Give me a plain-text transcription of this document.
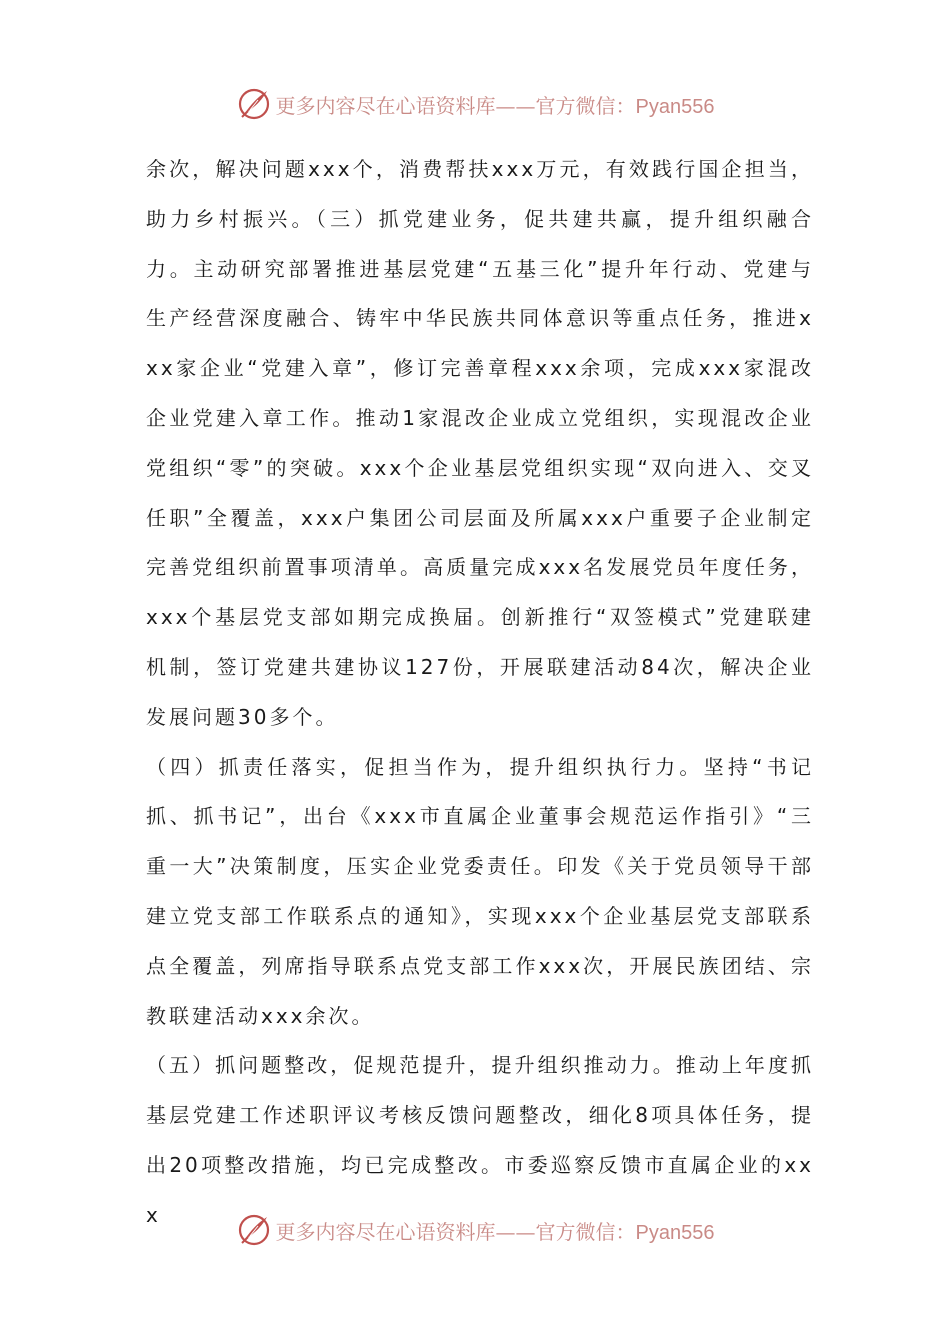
更多内容尽在心语资料库——官方微信：Pyan556

余次，解决问题xxx个，消费帮扶xxx万元，有效践行国企担当，助力乡村振兴。（三）抓党建业务，促共建共赢，提升组织融合力。主动研究部署推进基层党建“五基三化”提升年行动、党建与生产经营深度融合、铸牢中华民族共同体意识等重点任务，推进xxx家企业“党建入章”，修订完善章程xxx余项，完成xxx家混改企业党建入章工作。推动1家混改企业成立党组织，实现混改企业党组织“零”的突破。xxx个企业基层党组织实现“双向进入、交叉任职”全覆盖，xxx户集团公司层面及所属xxx户重要子企业制定完善党组织前置事项清单。高质量完成xxx名发展党员年度任务，xxx个基层党支部如期完成换届。创新推行“双签模式”党建联建机制，签订党建共建协议127份，开展联建活动84次，解决企业发展问题30多个。

（四）抓责任落实，促担当作为，提升组织执行力。坚持“书记抓、抓书记”，出台《xxx市直属企业董事会规范运作指引》“三重一大”决策制度，压实企业党委责任。印发《关于党员领导干部建立党支部工作联系点的通知》，实现xxx个企业基层党支部联系点全覆盖，列席指导联系点党支部工作xxx次，开展民族团结、宗教联建活动xxx余次。

（五）抓问题整改，促规范提升，提升组织推动力。推动上年度抓基层党建工作述职评议考核反馈问题整改，细化8项具体任务，提出20项整改措施，均已完成整改。市委巡察反馈市直属企业的xxx

更多内容尽在心语资料库——官方微信：Pyan556
